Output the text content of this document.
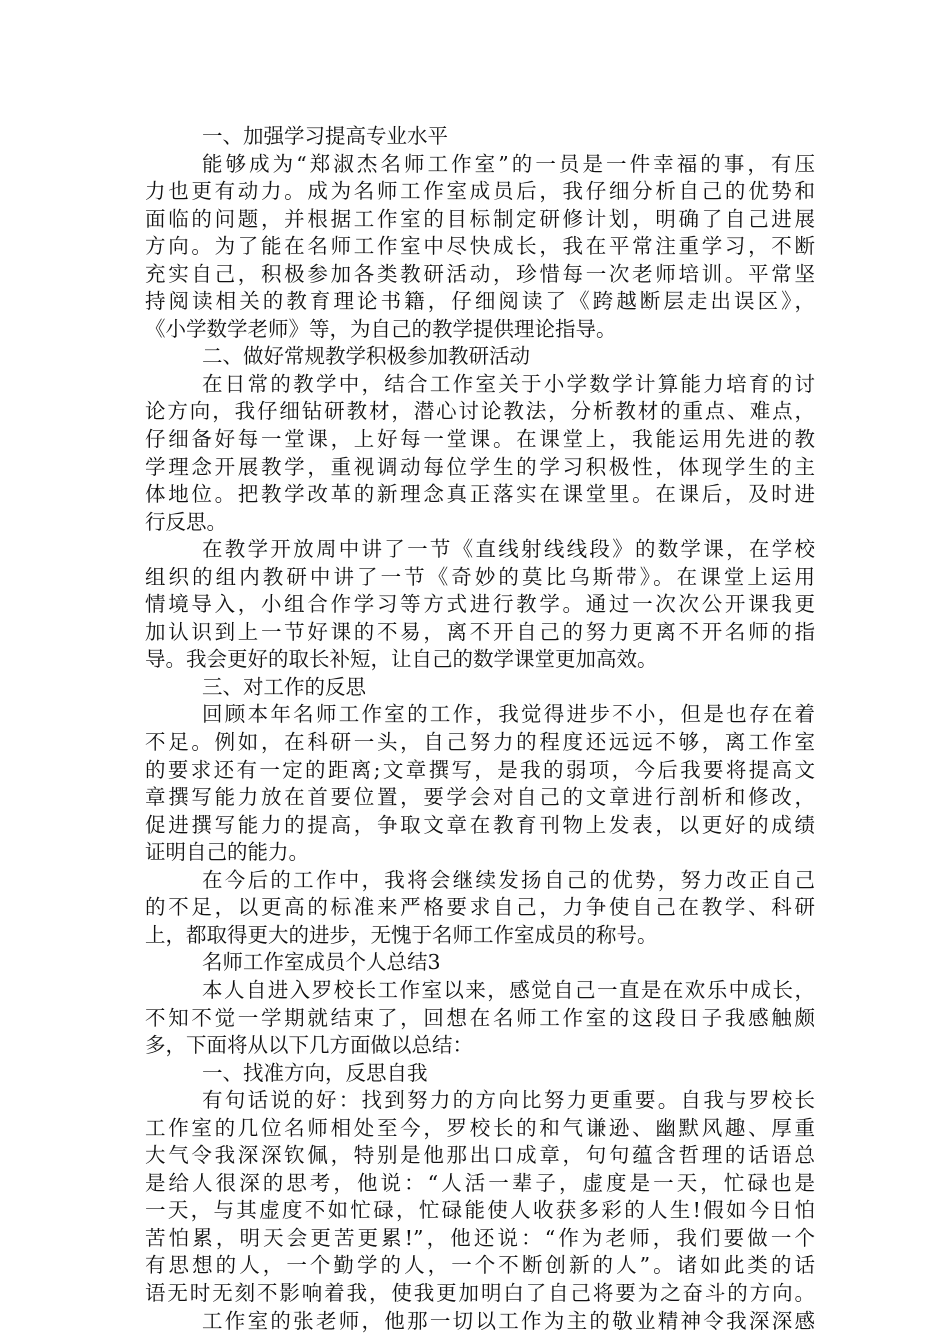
一、加强学习提高专业水平
能够成为“郑淑杰名师工作室”的一员是一件幸福的事，有压
力也更有动力。成为名师工作室成员后，我仔细分析自己的优势和
面临的问题，并根据工作室的目标制定研修计划，明确了自己进展
方向。为了能在名师工作室中尽快成长，我在平常注重学习，不断
充实自己，积极参加各类教研活动，珍惜每一次老师培训。平常坚
持阅读相关的教育理论书籍，仔细阅读了《跨越断层走出误区》，
《小学数学老师》等，为自己的教学提供理论指导。
二、做好常规教学积极参加教研活动
在日常的教学中，结合工作室关于小学数学计算能力培育的讨
论方向，我仔细钻研教材，潜心讨论教法，分析教材的重点、难点，
仔细备好每一堂课，上好每一堂课。在课堂上，我能运用先进的教
学理念开展教学，重视调动每位学生的学习积极性，体现学生的主
体地位。把教学改革的新理念真正落实在课堂里。在课后，及时进
行反思。
在教学开放周中讲了一节《直线射线线段》的数学课，在学校
组织的组内教研中讲了一节《奇妙的莫比乌斯带》。在课堂上运用
情境导入，小组合作学习等方式进行教学。通过一次次公开课我更
加认识到上一节好课的不易，离不开自己的努力更离不开名师的指
导。我会更好的取长补短，让自己的数学课堂更加高效。
三、对工作的反思
回顾本年名师工作室的工作，我觉得进步不小，但是也存在着
不足。例如，在科研一头，自己努力的程度还远远不够，离工作室
的要求还有一定的距离;文章撰写，是我的弱项，今后我要将提高文
章撰写能力放在首要位置，要学会对自己的文章进行剖析和修改，
促进撰写能力的提高，争取文章在教育刊物上发表，以更好的成绩
证明自己的能力。
在今后的工作中，我将会继续发扬自己的优势，努力改正自己
的不足，以更高的标准来严格要求自己，力争使自己在教学、科研
上，都取得更大的进步，无愧于名师工作室成员的称号。
名师工作室成员个人总结3
本人自进入罗校长工作室以来，感觉自己一直是在欢乐中成长，
不知不觉一学期就结束了，回想在名师工作室的这段日子我感触颇
多，下面将从以下几方面做以总结：
一、找准方向，反思自我
有句话说的好：找到努力的方向比努力更重要。自我与罗校长
工作室的几位名师相处至今，罗校长的和气谦逊、幽默风趣、厚重
大气令我深深钦佩，特别是他那出口成章，句句蕴含哲理的话语总
是给人很深的思考，他说：“人活一辈子，虚度是一天，忙碌也是
一天，与其虚度不如忙碌，忙碌能使人收获多彩的人生!假如今日怕
苦怕累，明天会更苦更累!”，他还说：“作为老师，我们要做一个
有思想的人，一个勤学的人，一个不断创新的人”。诸如此类的话
语无时无刻不影响着我，使我更加明白了自己将要为之奋斗的方向。
工作室的张老师，他那一切以工作为主的敬业精神令我深深感
